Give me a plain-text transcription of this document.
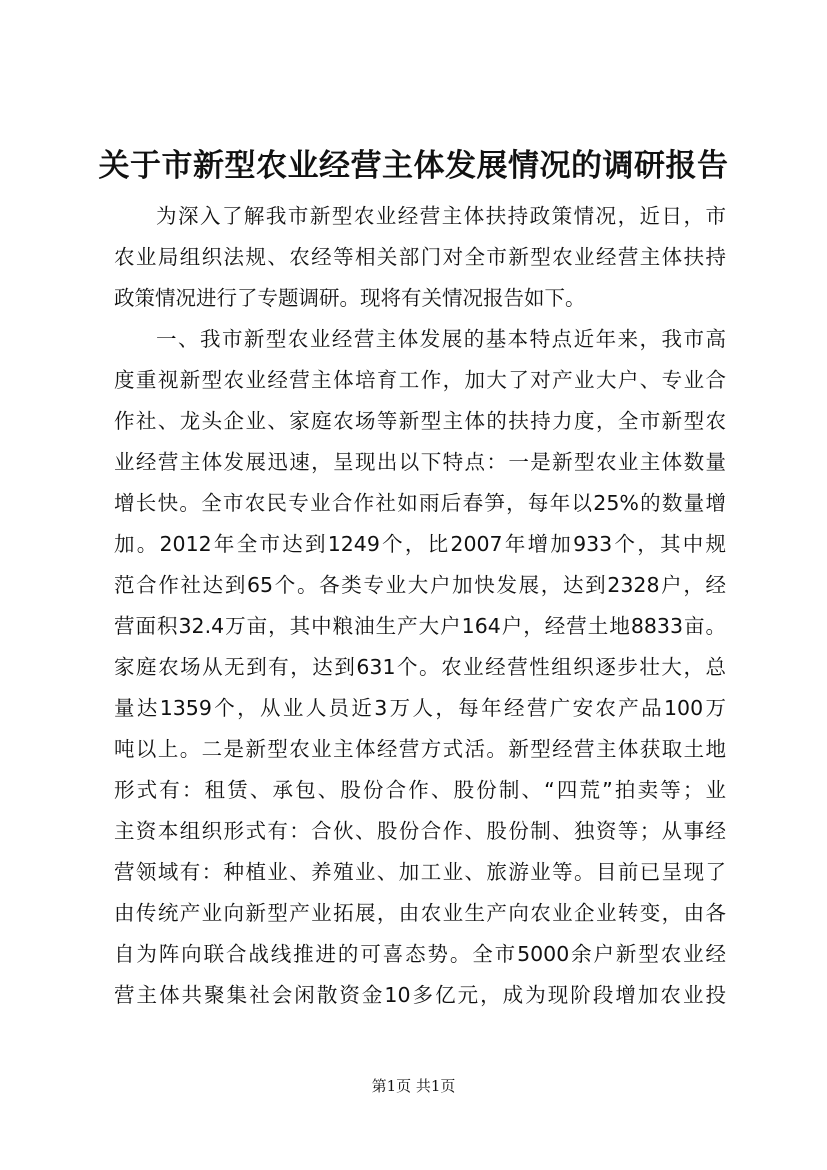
关于市新型农业经营主体发展情况的调研报告
为深入了解我市新型农业经营主体扶持政策情况，近日，市
农业局组织法规、农经等相关部门对全市新型农业经营主体扶持
政策情况进行了专题调研。现将有关情况报告如下。
一、我市新型农业经营主体发展的基本特点近年来，我市高
度重视新型农业经营主体培育工作，加大了对产业大户、专业合
作社、龙头企业、家庭农场等新型主体的扶持力度，全市新型农
业经营主体发展迅速，呈现出以下特点：一是新型农业主体数量
增长快。全市农民专业合作社如雨后春笋，每年以25%的数量增
加。2012年全市达到1249个，比2007年增加933个，其中规
范合作社达到65个。各类专业大户加快发展，达到2328户，经
营面积32.4万亩，其中粮油生产大户164户，经营土地8833亩。
家庭农场从无到有，达到631个。农业经营性组织逐步壮大，总
量达1359个，从业人员近3万人，每年经营广安农产品100万
吨以上。二是新型农业主体经营方式活。新型经营主体获取土地
形式有：租赁、承包、股份合作、股份制、“四荒”拍卖等；业
主资本组织形式有：合伙、股份合作、股份制、独资等；从事经
营领域有：种植业、养殖业、加工业、旅游业等。目前已呈现了
由传统产业向新型产业拓展，由农业生产向农业企业转变，由各
自为阵向联合战线推进的可喜态势。全市5000余户新型农业经
营主体共聚集社会闲散资金10多亿元，成为现阶段增加农业投
第1页 共1页
